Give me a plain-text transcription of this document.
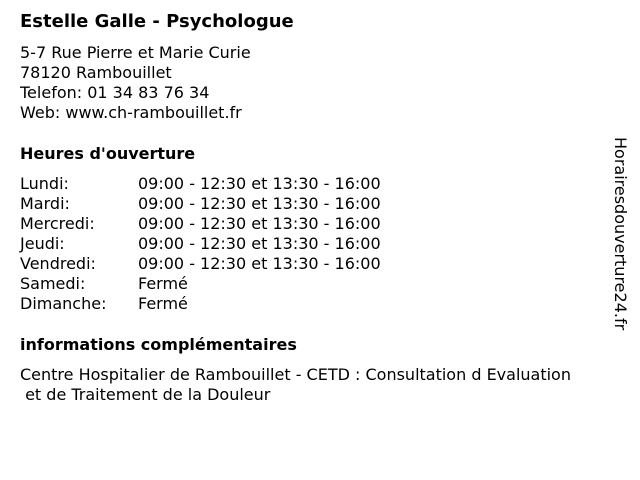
Estelle Galle - Psychologue
5-7 Rue Pierre et Marie Curie
78120 Rambouillet
Telefon: 01 34 83 76 34
Web: www.ch-rambouillet.fr
Heures d'ouverture
Lundi:	09:00 - 12:30 et 13:30 - 16:00
Mardi:	09:00 - 12:30 et 13:30 - 16:00
Mercredi:	09:00 - 12:30 et 13:30 - 16:00
Jeudi:	09:00 - 12:30 et 13:30 - 16:00
Vendredi:	09:00 - 12:30 et 13:30 - 16:00
Samedi:	Fermé
Dimanche:	Fermé
informations complémentaires
Centre Hospitalier de Rambouillet - CETD : Consultation d Evaluation
et de Traitement de la Douleur
Horairesdouverture24.fr
